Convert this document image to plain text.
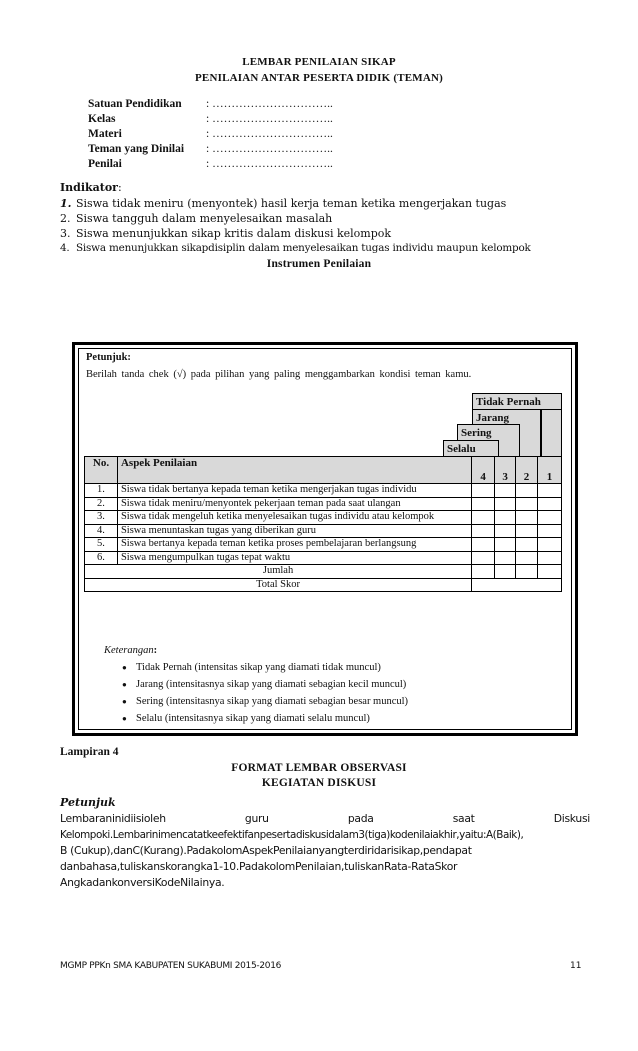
LEMBAR PENILAIAN SIKAP
PENILAIAN ANTAR PESERTA DIDIK (TEMAN)
Satuan Pendidikan : …………………………..
Kelas	: …………………………..
Materi	: …………………………..
Teman yang Dinilai : …………………………..
Penilai	: …………………………..
Indikator:
1. Siswa tidak meniru (menyontek) hasil kerja teman ketika mengerjakan tugas
2. Siswa tangguh dalam menyelesaikan masalah
3. Siswa menunjukkan sikap kritis dalam diskusi kelompok
4. Siswa menunjukkan sikapdisiplin dalam menyelesaikan tugas individu maupun kelompok
Instrumen Penilaian
Petunjuk:
Berilah tanda chek (√) pada pilihan yang paling menggambarkan kondisi teman kamu.
Tidak Pernah
Jarang
Sering
Selalu
No.	Aspek Penilaian	4	3	2	1
1.	Siswa tidak bertanya kepada teman ketika mengerjakan tugas individu				
2.	Siswa tidak meniru/menyontek pekerjaan teman pada saat ulangan				
3.	Siswa tidak mengeluh ketika menyelesaikan tugas individu atau kelompok				
4.	Siswa menuntaskan tugas yang diberikan guru				
5.	Siswa bertanya kepada teman ketika proses pembelajaran berlangsung				
6.	Siswa mengumpulkan tugas tepat waktu				
Jumlah					
Total Skor					
Keterangan:
● Tidak Pernah (intensitas sikap yang diamati tidak muncul)
● Jarang (intensitasnya sikap yang diamati sebagian kecil muncul)
● Sering (intensitasnya sikap yang diamati sebagian besar muncul)
● Selalu (intensitasnya sikap yang diamati selalu muncul)
Lampiran 4
FORMAT LEMBAR OBSERVASI
KEGIATAN DISKUSI
Petunjuk
Lembaraninidiisioleh guru pada saat Diskusi
Kelompoki.Lembarinimencatatkeefektifanpesertadiskusidalam3(tiga)kodenilaiakhir,yaitu:A(Baik),
B (Cukup),danC(Kurang).PadakolomAspekPenilaianyangterdiridarisikap,pendapat
danbahasa,tuliskanskorangka1-10.PadakolomPenilaian,tuliskanRata-RataSkor
AngkadankonversiKodeNilainya.
MGMP PPKn SMA KABUPATEN SUKABUMI 2015-2016	11
